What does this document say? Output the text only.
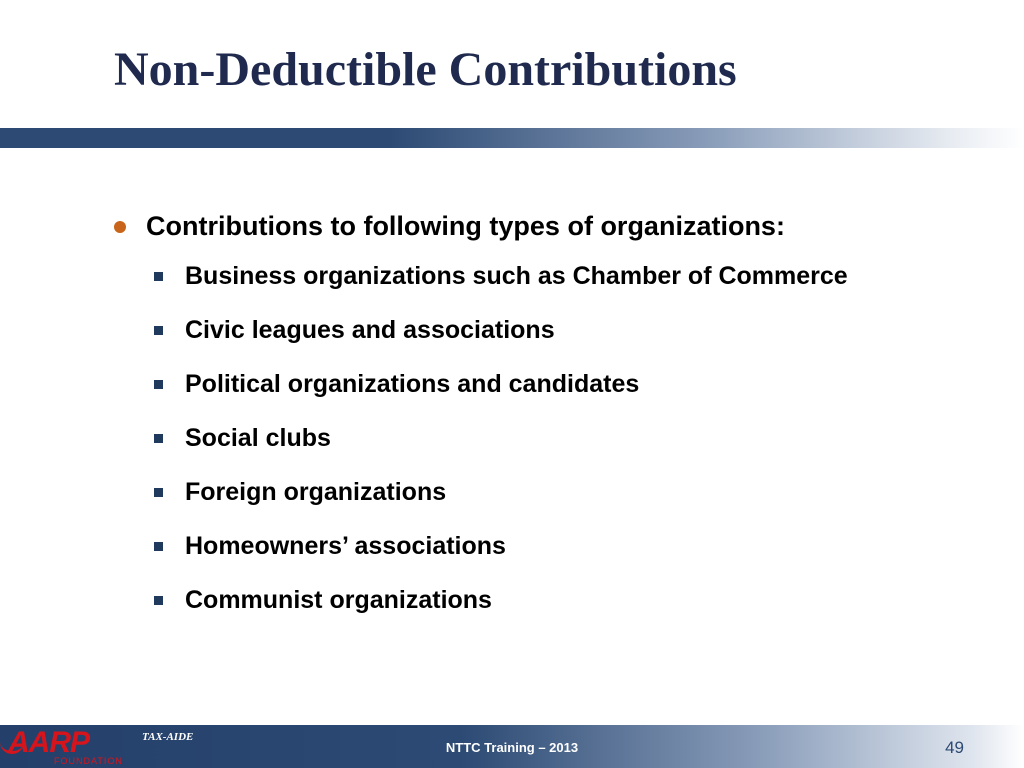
Non-Deductible Contributions
Contributions to following types of organizations:
Business organizations such as Chamber of Commerce
Civic leagues and associations
Political organizations and candidates
Social clubs
Foreign organizations
Homeowners’ associations
Communist organizations
AARP
FOUNDATION
TAX-AIDE
NTTC Training – 2013	49
